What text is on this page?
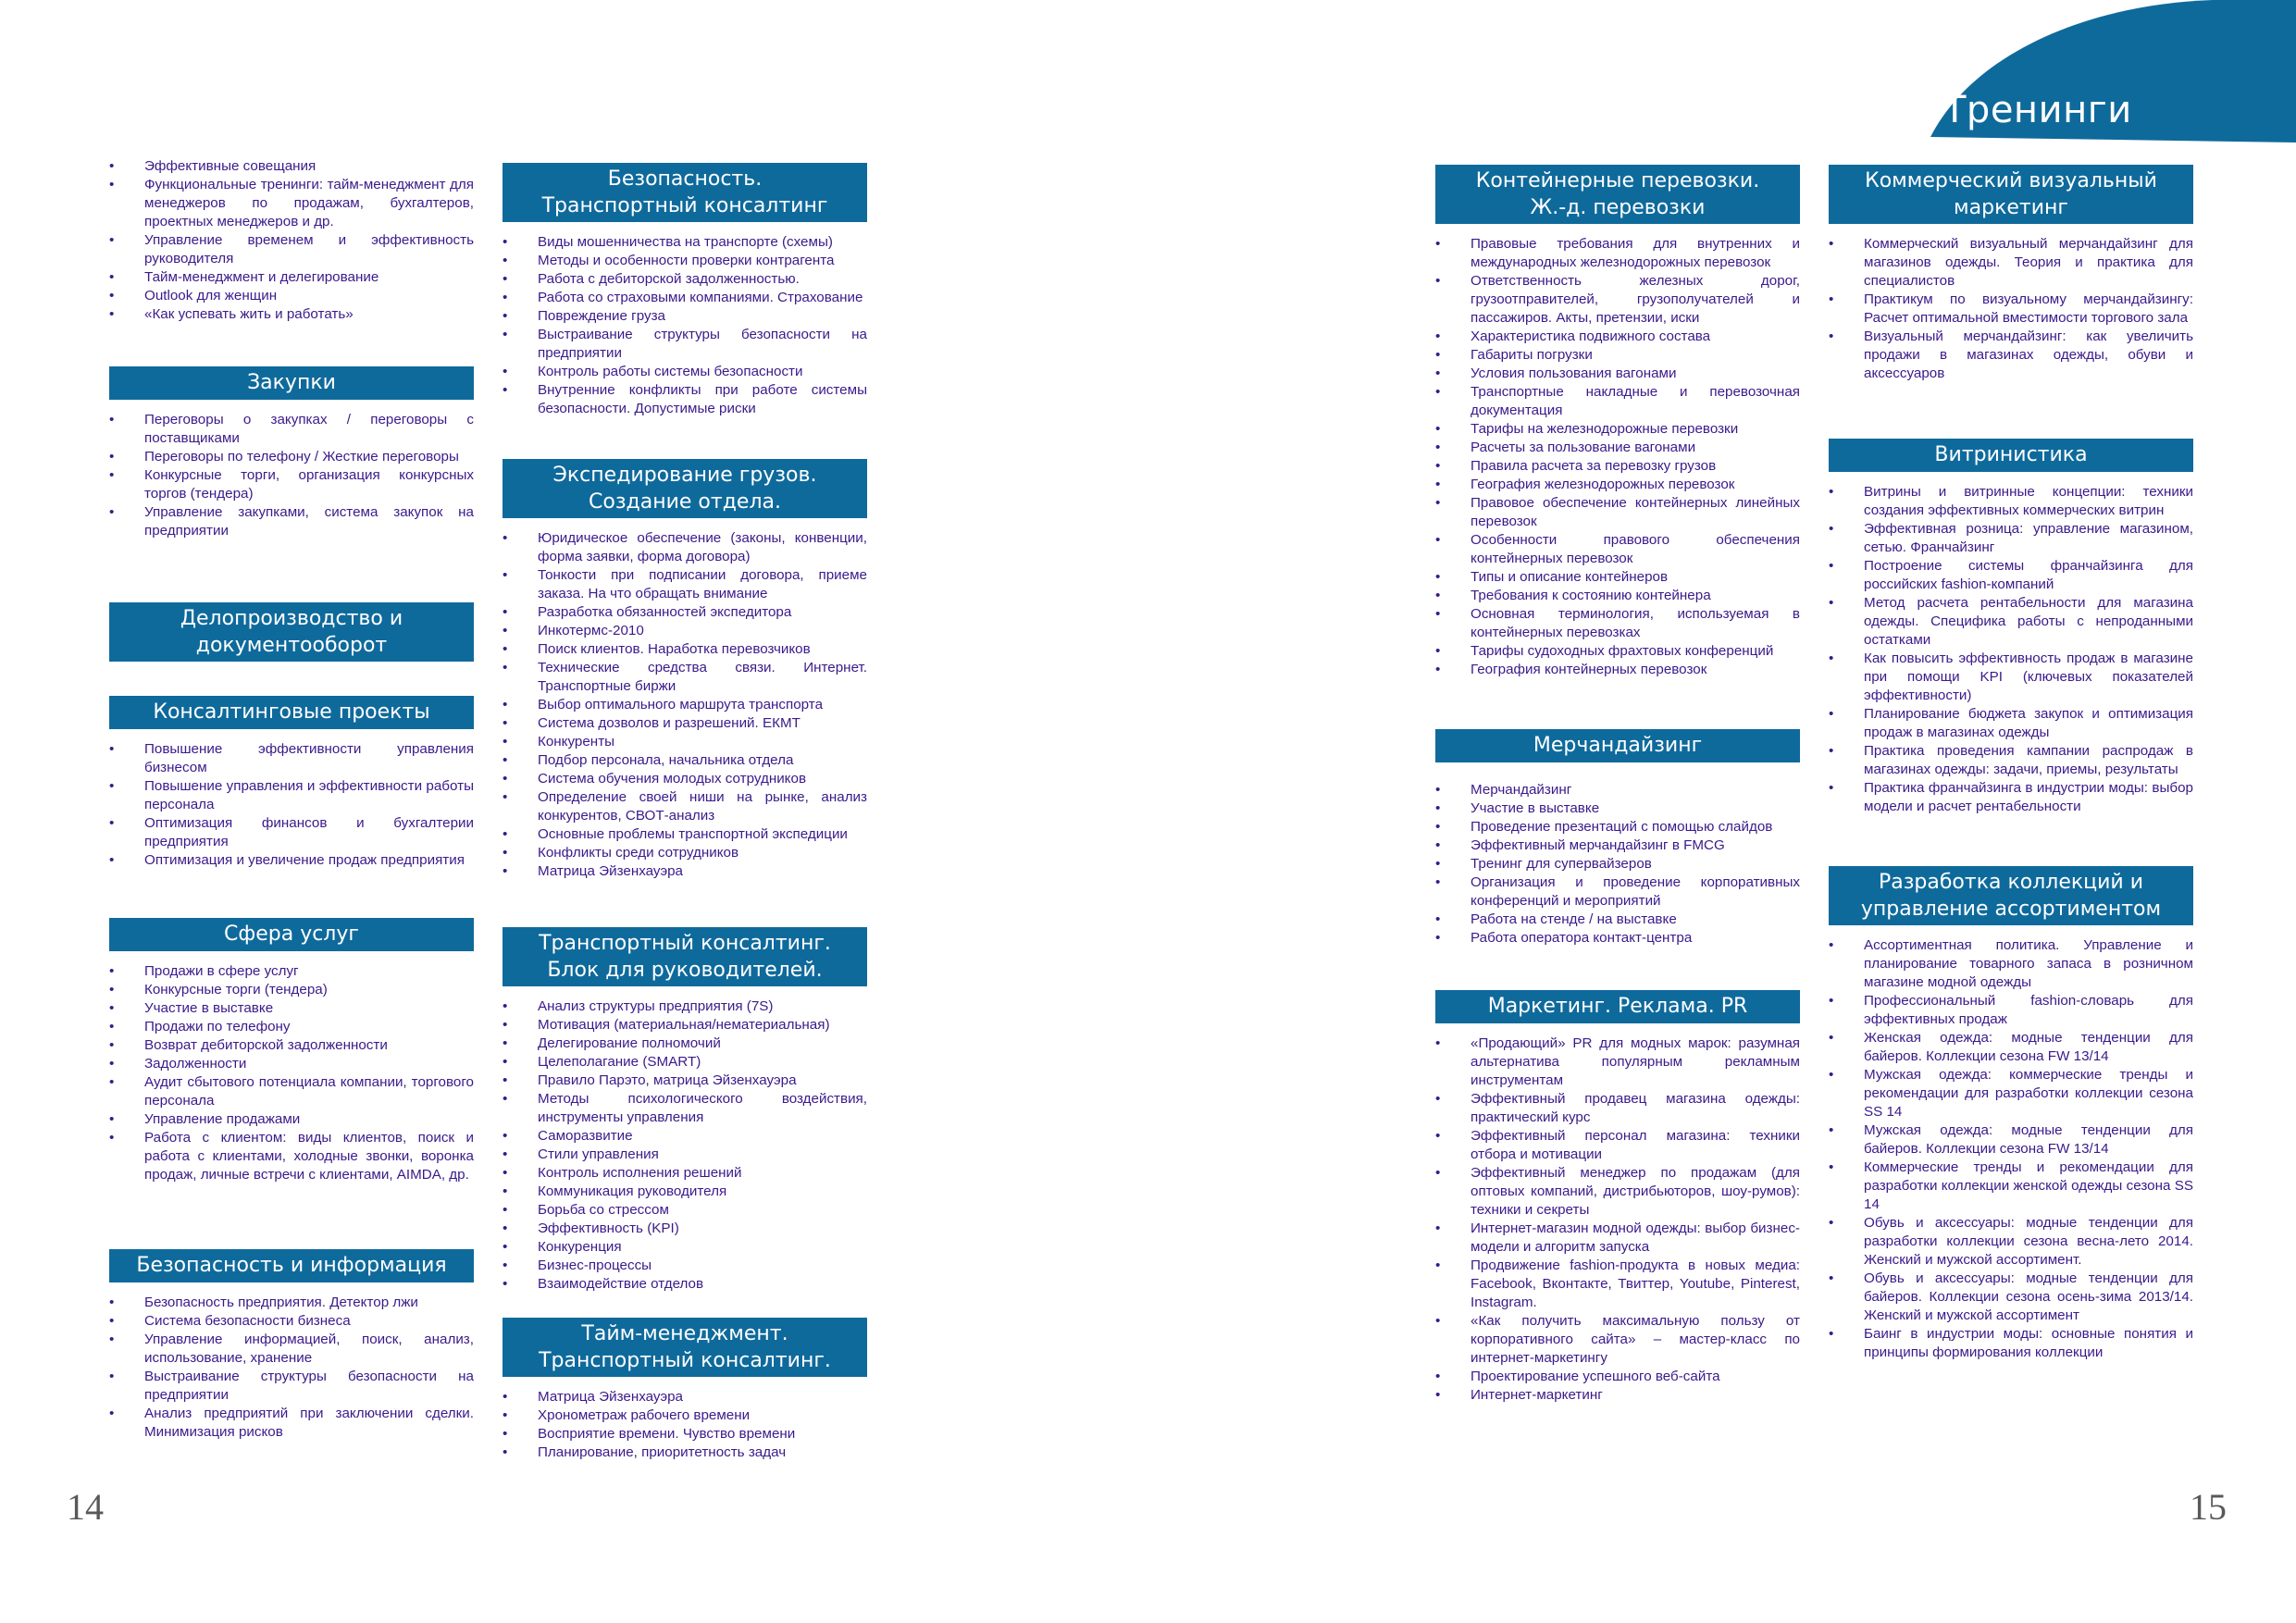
Тренинги
• Эффективные совещания
• Функциональные тренинги: тайм-менеджмент для менеджеров по продажам, бухгалтеров, проектных менеджеров и др.
• Управление временем и эффективность руководителя
• Тайм-менеджмент и делегирование
• Outlook для женщин
• «Как успевать жить и работать»
Закупки
• Переговоры о закупках / переговоры с поставщиками
• Переговоры по телефону / Жесткие переговоры
• Конкурсные торги, организация конкурсных торгов (тендера)
• Управление закупками, система закупок на предприятии
Делопроизводство и
документооборот
Консалтинговые проекты
• Повышение эффективности управления бизнесом
• Повышение управления и эффективности работы персонала
• Оптимизация финансов и бухгалтерии предприятия
• Оптимизация и увеличение продаж предприятия
Сфера услуг
• Продажи в сфере услуг
• Конкурсные торги (тендера)
• Участие в выставке
• Продажи по телефону
• Возврат дебиторской задолженности
• Задолженности
• Аудит сбытового потенциала компании, торгового персонала
• Управление продажами
• Работа с клиентом: виды клиентов, поиск и работа с клиентами, холодные звонки, воронка продаж, личные встречи с клиентами, AIMDA, др.
Безопасность и информация
• Безопасность предприятия. Детектор лжи
• Система безопасности бизнеса
• Управление информацией, поиск, анализ, использование, хранение
• Выстраивание структуры безопасности на предприятии
• Анализ предприятий при заключении сделки. Минимизация рисков
Безопасность.
Транспортный консалтинг
• Виды мошенничества на транспорте (схемы)
• Методы и особенности проверки контрагента
• Работа с дебиторской задолженностью.
• Работа со страховыми компаниями. Страхование
• Повреждение груза
• Выстраивание структуры безопасности на предприятии
• Контроль работы системы безопасности
• Внутренние конфликты при работе системы безопасности. Допустимые риски
Экспедирование грузов.
Создание отдела.
• Юридическое обеспечение (законы, конвенции, форма заявки, форма договора)
• Тонкости при подписании договора, приеме заказа. На что обращать внимание
• Разработка обязанностей экспедитора
• Инкотермс-2010
• Поиск клиентов. Наработка перевозчиков
• Технические средства связи. Интернет. Транспортные биржи
• Выбор оптимального маршрута транспорта
• Система дозволов и разрешений. ЕКМТ
• Конкуренты
• Подбор персонала, начальника отдела
• Система обучения молодых сотрудников
• Определение своей ниши на рынке, анализ конкурентов, СВОТ-анализ
• Основные проблемы транспортной экспедиции
• Конфликты среди сотрудников
• Матрица Эйзенхауэра
Транспортный консалтинг.
Блок для руководителей.
• Анализ структуры предприятия (7S)
• Мотивация (материальная/нематериальная)
• Делегирование полномочий
• Целеполагание (SMART)
• Правило Парэто, матрица Эйзенхауэра
• Методы психологического воздействия, инструменты управления
• Саморазвитие
• Стили управления
• Контроль исполнения решений
• Коммуникация руководителя
• Борьба со стрессом
• Эффективность (KPI)
• Конкуренция
• Бизнес-процессы
• Взаимодействие отделов
Тайм-менеджмент.
Транспортный консалтинг.
• Матрица Эйзенхауэра
• Хронометраж рабочего времени
• Восприятие времени. Чувство времени
• Планирование, приоритетность задач
Контейнерные перевозки.
Ж.-д. перевозки
• Правовые требования для внутренних и международных железнодорожных перевозок
• Ответственность железных дорог, грузоотправителей, грузополучателей и пассажиров. Акты, претензии, иски
• Характеристика подвижного состава
• Габариты погрузки
• Условия пользования вагонами
• Транспортные накладные и перевозочная документация
• Тарифы на железнодорожные перевозки
• Расчеты за пользование вагонами
• Правила расчета за перевозку грузов
• География железнодорожных перевозок
• Правовое обеспечение контейнерных линейных перевозок
• Особенности правового обеспечения контейнерных перевозок
• Типы и описание контейнеров
• Требования к состоянию контейнера
• Основная терминология, используемая в контейнерных перевозках
• Тарифы судоходных фрахтовых конференций
• География контейнерных перевозок
Мерчандайзинг
• Мерчандайзинг
• Участие в выставке
• Проведение презентаций с помощью слайдов
• Эффективный мерчандайзинг в FMCG
• Тренинг для супервайзеров
• Организация и проведение корпоративных конференций и мероприятий
• Работа на стенде / на выставке
• Работа оператора контакт-центра
Маркетинг. Реклама. PR
• «Продающий» PR для модных марок: разумная альтернатива популярным рекламным инструментам
• Эффективный продавец магазина одежды: практический курс
• Эффективный персонал магазина: техники отбора и мотивации
• Эффективный менеджер по продажам (для оптовых компаний, дистрибьюторов, шоу-румов): техники и секреты
• Интернет-магазин модной одежды: выбор бизнес-модели и алгоритм запуска
• Продвижение fashion-продукта в новых медиа: Facebook, Вконтакте, Твиттер, Youtube, Pinterest, Instagram.
• «Как получить максимальную пользу от корпоративного сайта» – мастер-класс по интернет-маркетингу
• Проектирование успешного веб-сайта
• Интернет-маркетинг
Коммерческий визуальный
маркетинг
• Коммерческий визуальный мерчандайзинг для магазинов одежды. Теория и практика для специалистов
• Практикум по визуальному мерчандайзингу: Расчет оптимальной вместимости торгового зала
• Визуальный мерчандайзинг: как увеличить продажи в магазинах одежды, обуви и аксессуаров
Витринистика
• Витрины и витринные концепции: техники создания эффективных коммерческих витрин
• Эффективная розница: управление магазином, сетью. Франчайзинг
• Построение системы франчайзинга для российских fashion-компаний
• Метод расчета рентабельности для магазина одежды. Специфика работы с непроданными остатками
• Как повысить эффективность продаж в магазине при помощи KPI (ключевых показателей эффективности)
• Планирование бюджета закупок и оптимизация продаж в магазинах одежды
• Практика проведения кампании распродаж в магазинах одежды: задачи, приемы, результаты
• Практика франчайзинга в индустрии моды: выбор модели и расчет рентабельности
Разработка коллекций и
управление ассортиментом
• Ассортиментная политика. Управление и планирование товарного запаса в розничном магазине модной одежды
• Профессиональный fashion-словарь для эффективных продаж
• Женская одежда: модные тенденции для байеров. Коллекции сезона FW 13/14
• Мужская одежда: коммерческие тренды и рекомендации для разработки коллекции сезона SS 14
• Мужская одежда: модные тенденции для байеров. Коллекции сезона FW 13/14
• Коммерческие тренды и рекомендации для разработки коллекции женской одежды сезона SS 14
• Обувь и аксессуары: модные тенденции для разработки коллекции сезона весна-лето 2014. Женский и мужской ассортимент.
• Обувь и аксессуары: модные тенденции для байеров. Коллекции сезона осень-зима 2013/14. Женский и мужской ассортимент
• Баинг в индустрии моды: основные понятия и принципы формирования коллекции
14	15
